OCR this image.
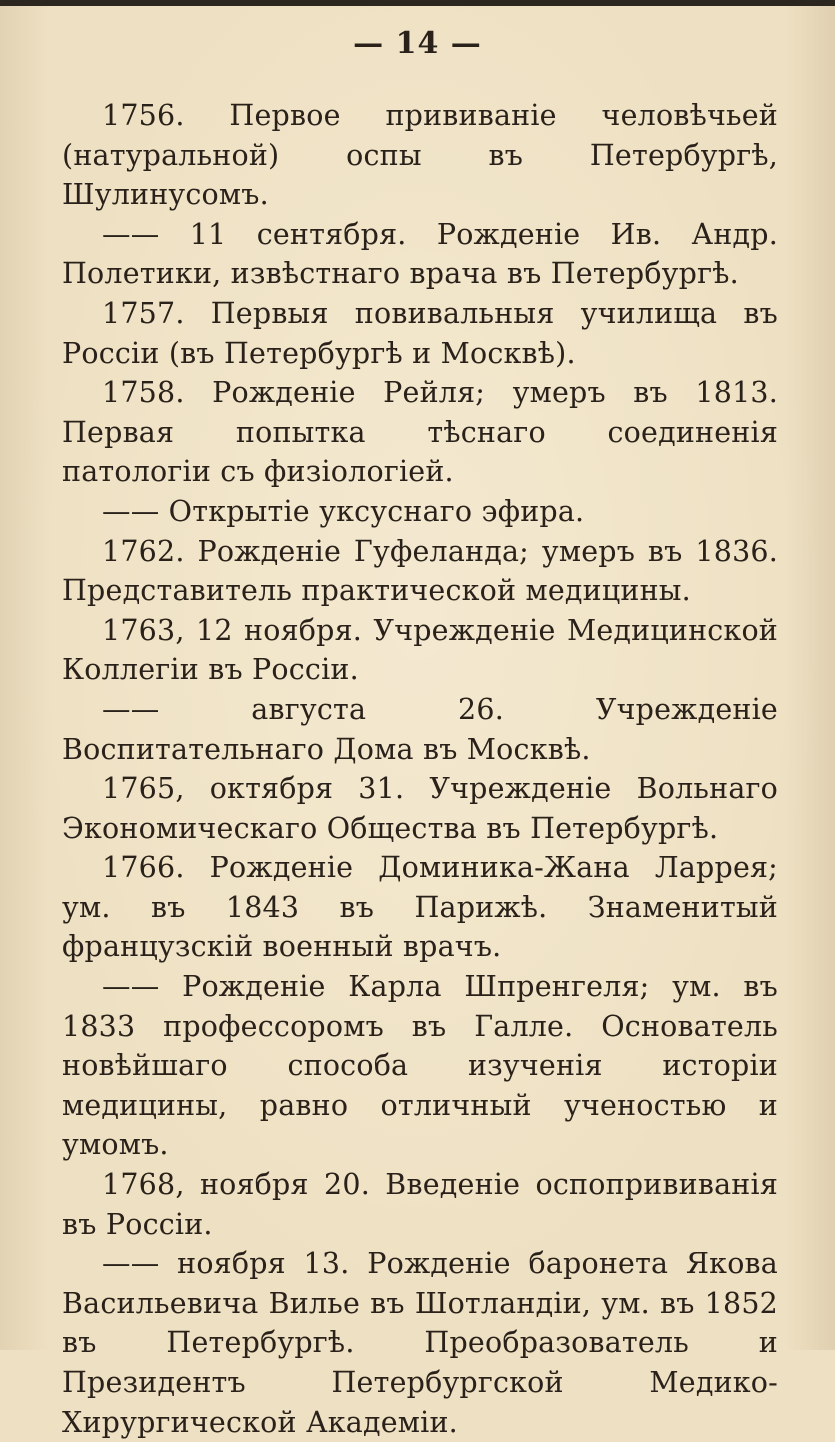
— 14 —

1756. Первое прививаніе человѣчьей (натуральной) оспы въ Петербургѣ, Шулинусомъ.

—— 11 сентября. Рожденіе Ив. Андр. Полетики, извѣстнаго врача въ Петербургѣ.

1757. Первыя повивальныя училища въ Россіи (въ Петербургѣ и Москвѣ).

1758. Рожденіе Рейля; умеръ въ 1813. Первая попытка тѣснаго соединенія патологіи съ физіологіей.

—— Открытіе уксуснаго эфира.

1762. Рожденіе Гуфеланда; умеръ въ 1836. Представитель практической медицины.

1763, 12 ноября. Учрежденіе Медицинской Коллегіи въ Россіи.

—— августа 26. Учрежденіе Воспитательнаго Дома въ Москвѣ.

1765, октября 31. Учрежденіе Вольнаго Экономическаго Общества въ Петербургѣ.

1766. Рожденіе Доминика-Жана Ларрея; ум. въ 1843 въ Парижѣ. Знаменитый французскій военный врачъ.

—— Рожденіе Карла Шпренгеля; ум. въ 1833 профессоромъ въ Галле. Основатель новѣйшаго способа изученія исторіи медицины, равно отличный ученостью и умомъ.

1768, ноября 20. Введеніе оспопрививанія въ Россіи.

—— ноября 13. Рожденіе баронета Якова Васильевича Вилье въ Шотландіи, ум. въ 1852 въ Петербургѣ. Преобразователь и Президентъ Петербургской Медико-Хирургической Академіи.
